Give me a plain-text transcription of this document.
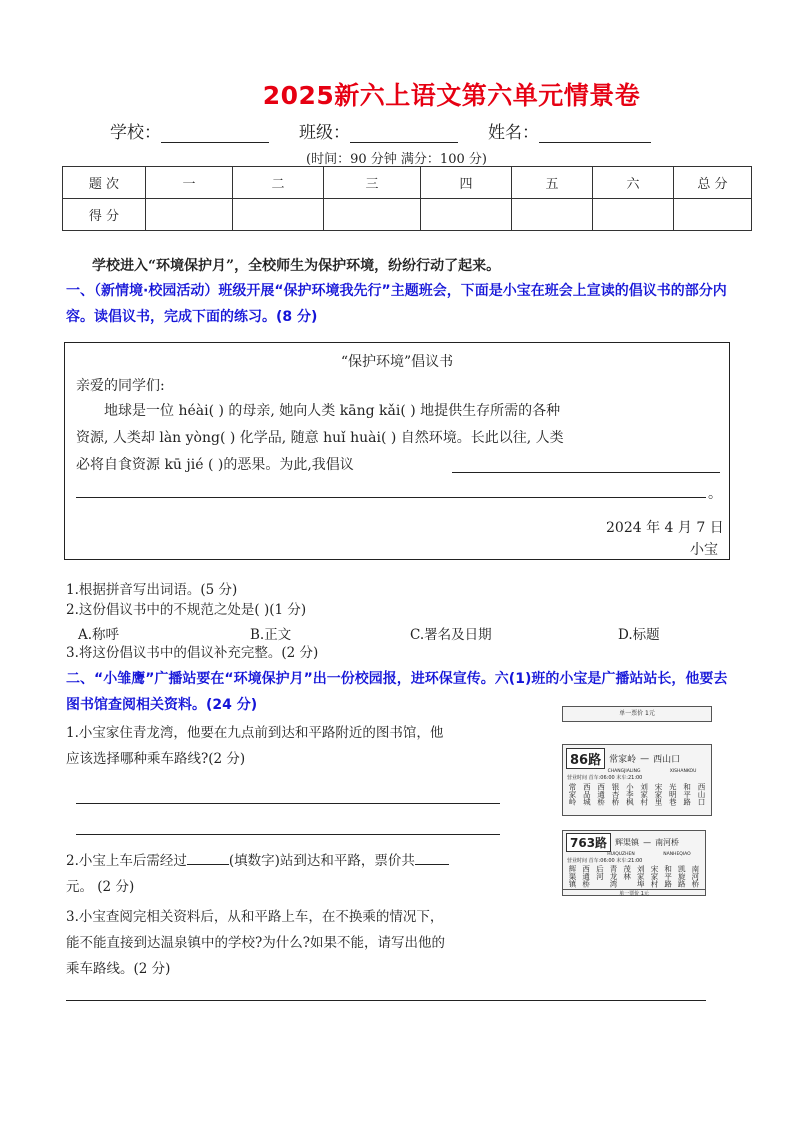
2025新六上语文第六单元情景卷
学校：	班级：	姓名：
(时间：90 分钟 满分：100 分)
题 次	一	二	三	四	五	六	总 分
得 分							
学校进入“环境保护月”，全校师生为保护环境，纷纷行动了起来。
一、（新情境·校园活动）班级开展“保护环境我先行”主题班会，下面是小宝在班会上宣读的倡议书的部分内容。读倡议书，完成下面的练习。(8 分)
“保护环境”倡议书
亲爱的同学们:
地球是一位 héài( ) 的母亲, 她向人类 kāng kǎi( ) 地提供生存所需的各种
资源, 人类却 làn yòng( ) 化学品, 随意 huǐ huài( ) 自然环境。长此以往, 人类
必将自食资源 kū jié ( )的恶果。为此,我倡议
。
2024 年 4 月 7 日
小宝
1.根据拼音写出词语。(5 分)
2.这份倡议书中的不规范之处是( )(1 分)
A.称呼	B.正文	C.署名及日期	D.标题
3.将这份倡议书中的倡议补充完整。(2 分)
二、“小雏鹰”广播站要在“环境保护月”出一份校园报，进环保宣传。六(1)班的小宝是广播站站长，他要去图书馆查阅相关资料。(24 分)
1.小宝家住青龙湾，他要在九点前到达和平路附近的图书馆，他
应该选择哪种乘车路线?(2 分)
2.小宝上车后需经过	(填数字)站到达和平路，票价共
元。 (2 分)
3.小宝查阅完相关资料后，从和平路上车，在不换乘的情况下，
能不能直接到达温泉镇中的学校?为什么?如果不能，请写出他的
乘车路线。(2 分)
单一票价 1元
86路 常家岭 — 西山口
CHANGJIALING	XISHANKOU
营业时间 首车:06:00 末车:21:00
常家岭 西品城 西通桥 银杏桥 小李枫 刘家村 宋家里 光明巷 和平路 西山口
763路	辉渠镇 — 南河桥
HUIQUZHEN	NANHEQIAO
营业时间 首车:06:00 末车:21:00
辉渠镇 西通桥 后河 青龙湾 茂林 刘家埠 宋家村 和平路 凯旋路 南河桥
单一票价 1元
